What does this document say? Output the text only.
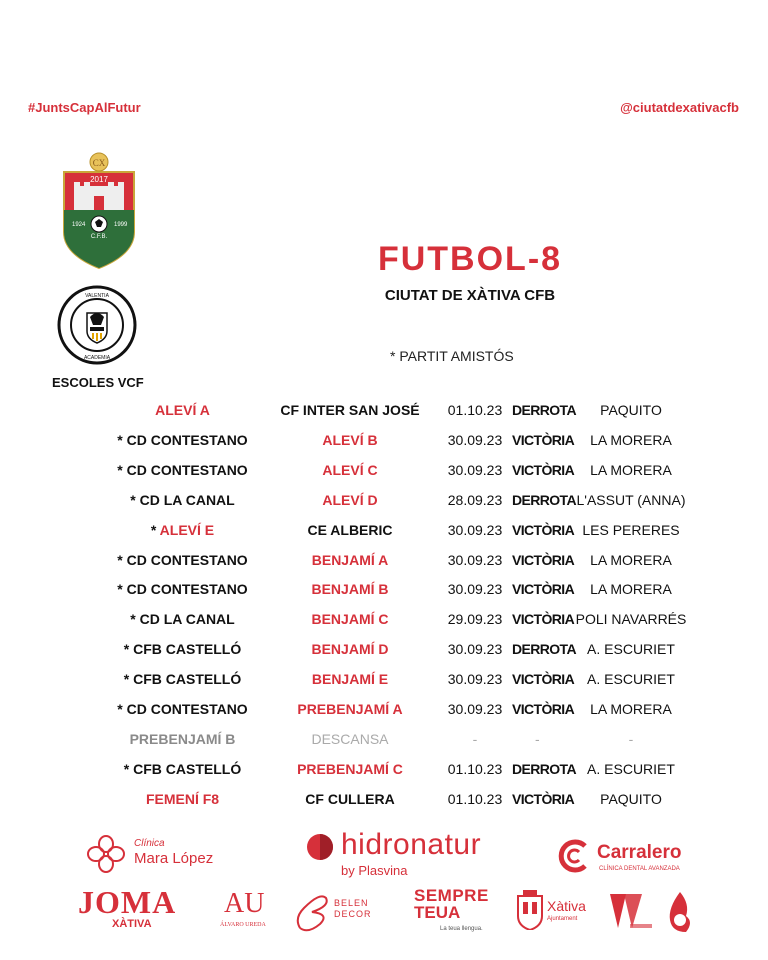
#JuntsCapAlFutur	@ciutatdexativacfb
CX
2017
1924	1999
C.F.B.
VALENTIA
ACADEMIA
ESCOLES VCF
FUTBOL-8
CIUTAT DE XÀTIVA CFB
* PARTIT AMISTÓS
ALEVÍ A	CF INTER SAN JOSÉ	01.10.23 DERROTA	PAQUITO
* CD CONTESTANO	ALEVÍ B	30.09.23 VICTÒRIA	LA MORERA
* CD CONTESTANO	ALEVÍ C	30.09.23 VICTÒRIA	LA MORERA
* CD LA CANAL	ALEVÍ D	28.09.23 DERROTA L'ASSUT (ANNA)
* ALEVÍ E	CE ALBERIC	30.09.23 VICTÒRIA LES PERERES
* CD CONTESTANO	BENJAMÍ A	30.09.23 VICTÒRIA	LA MORERA
* CD CONTESTANO	BENJAMÍ B	30.09.23 VICTÒRIA	LA MORERA
* CD LA CANAL	BENJAMÍ C	29.09.23 VICTÒRIA POLI NAVARRÉS
* CFB CASTELLÓ	BENJAMÍ D	30.09.23 DERROTA A. ESCURIET
* CFB CASTELLÓ	BENJAMÍ E	30.09.23 VICTÒRIA A. ESCURIET
* CD CONTESTANO	PREBENJAMÍ A	30.09.23 VICTÒRIA	LA MORERA
PREBENJAMÍ B	DESCANSA	-	-	-
* CFB CASTELLÓ	PREBENJAMÍ C	01.10.23 DERROTA A. ESCURIET
FEMENÍ F8	CF CULLERA	01.10.23 VICTÒRIA	PAQUITO
Clínica
Mara López	hidronatur
by Plasvina
Carralero
CLÍNICA DENTAL AVANZADA
JOMA
XÀTIVA
AU
ÁLVARO UREDA
BELEN
DECOR
SEMPRE
TEUA
La teua llengua.
Xàtiva
Ajuntament
